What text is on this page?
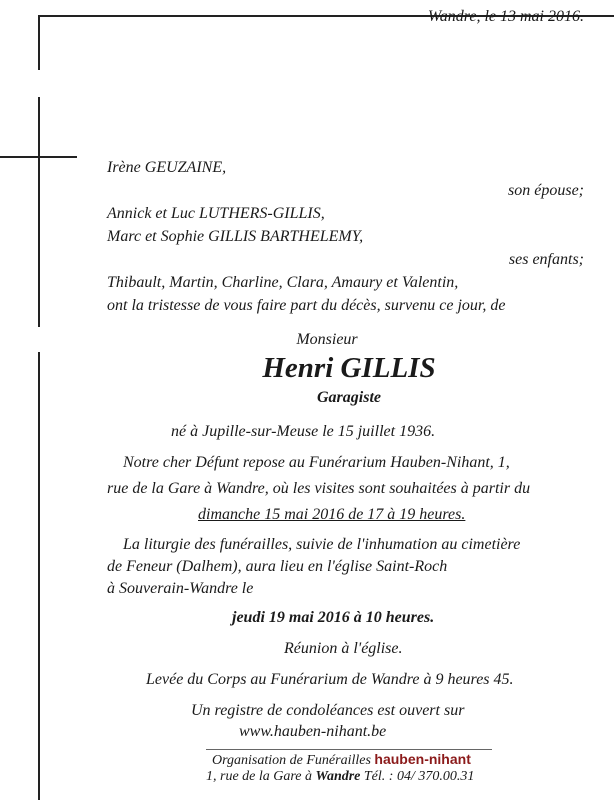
Wandre, le 13 mai 2016.
Irène GEUZAINE,
son épouse;
Annick et Luc LUTHERS-GILLIS,
Marc et Sophie GILLIS BARTHELEMY,
ses enfants;
Thibault, Martin, Charline, Clara, Amaury et Valentin,
ont la tristesse de vous faire part du décès, survenu ce jour, de
Monsieur
Henri GILLIS
Garagiste
né à Jupille-sur-Meuse le 15 juillet 1936.
Notre cher Défunt repose au Funérarium Hauben-Nihant, 1,
rue de la Gare à Wandre, où les visites sont souhaitées à partir du
dimanche 15 mai 2016 de 17 à 19 heures.
La liturgie des funérailles, suivie de l'inhumation au cimetière
de Feneur (Dalhem), aura lieu en l'église Saint-Roch
à Souverain-Wandre le
jeudi 19 mai 2016 à 10 heures.
Réunion à l'église.
Levée du Corps au Funérarium de Wandre à 9 heures 45.
Un registre de condoléances est ouvert sur
www.hauben-nihant.be
Organisation de Funérailles hauben-nihant
1, rue de la Gare à Wandre Tél. : 04/ 370.00.31
